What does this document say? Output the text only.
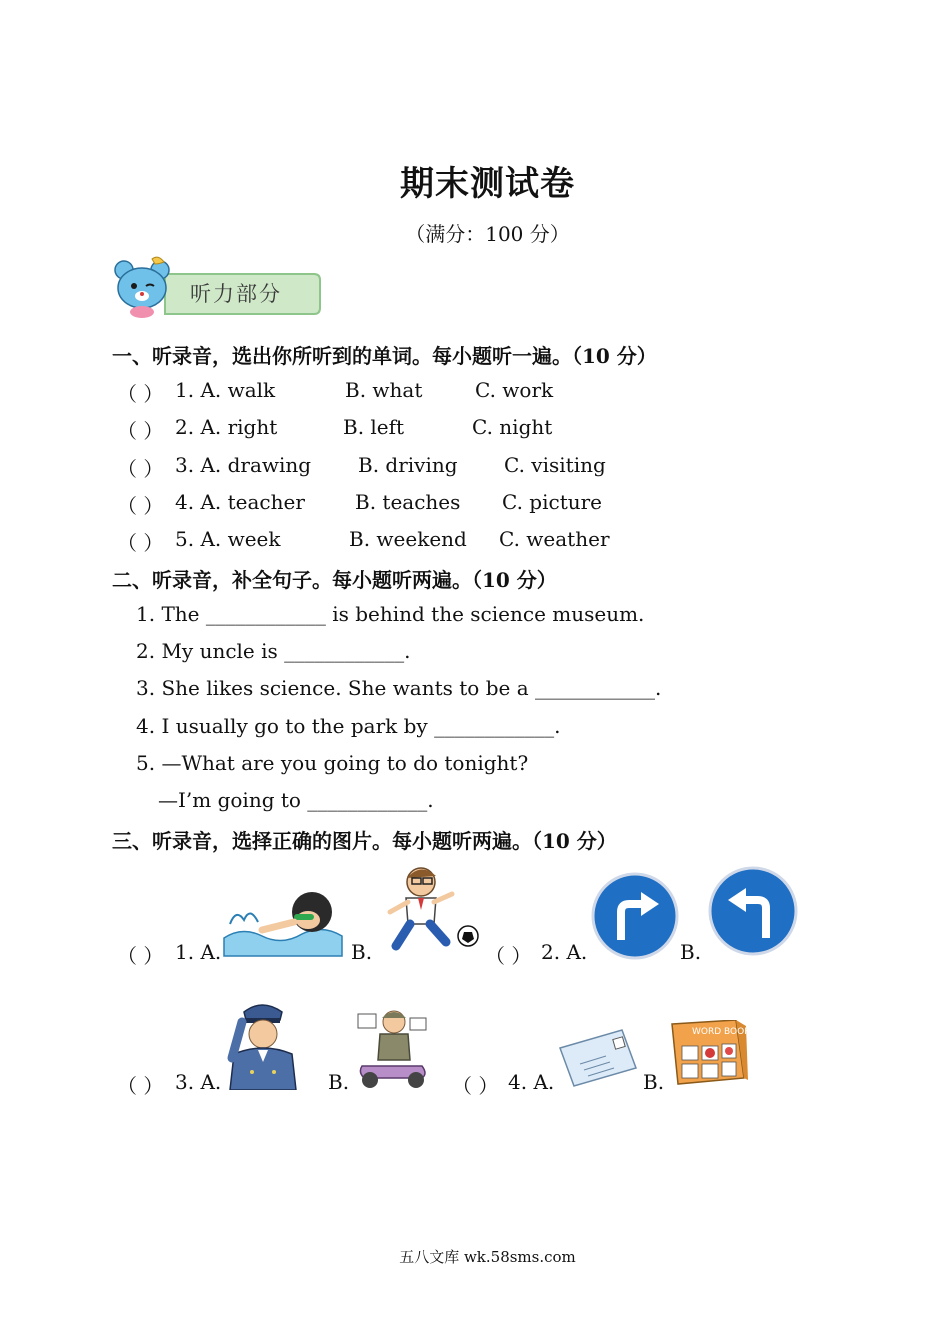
期末测试卷
（满分：100 分）
听力部分
一、听录音，选出你所听到的单词。每小题听一遍。（10 分）
（ ） 1. A. walk	B. what	C. work
（ ） 2. A. right	B. left	C. night
（ ） 3. A. drawing B. driving C. visiting
（ ） 4. A. teacher	B. teaches C. picture
（ ） 5. A. week	B. weekend C. weather
二、听录音，补全句子。每小题听两遍。（10 分）
1. The ____________ is behind the science museum.
2. My uncle is ____________.
3. She likes science. She wants to be a ____________.
4. I usually go to the park by ____________.
5. —What are you going to do tonight?
—I’m going to ____________.
三、听录音，选择正确的图片。每小题听两遍。（10 分）
（ ） 1. A.	B.	（ ） 2. A.	B.
（ ） 3. A.	B.	（ ） 4. A.	B.
WORD BOOK
五八文库 wk.58sms.com
